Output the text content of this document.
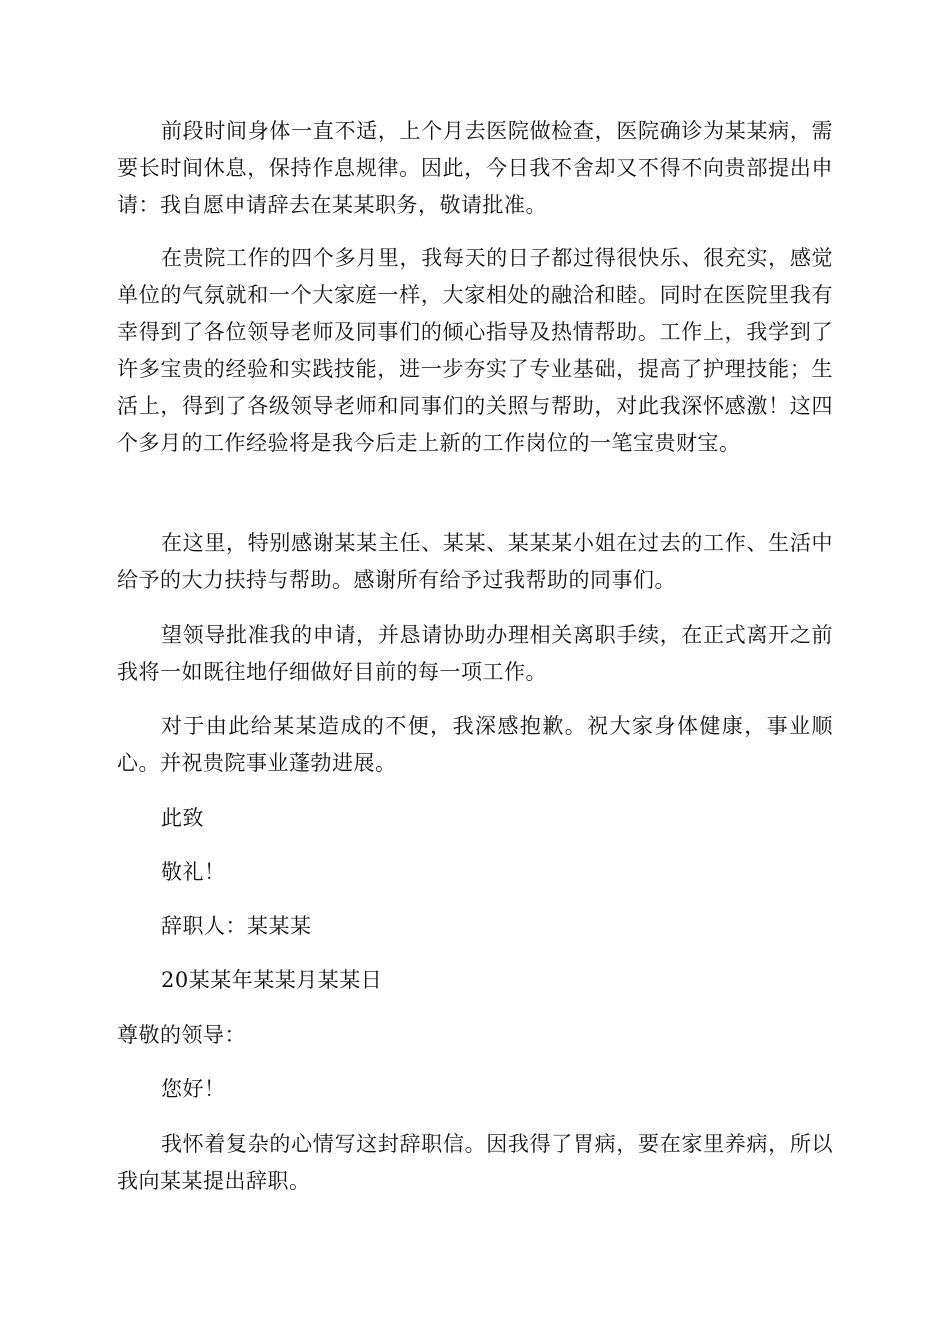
前段时间身体一直不适，上个月去医院做检查，医院确诊为某某病，需要长时间休息，保持作息规律。因此，今日我不舍却又不得不向贵部提出申请：我自愿申请辞去在某某职务，敬请批准。

在贵院工作的四个多月里，我每天的日子都过得很快乐、很充实，感觉单位的气氛就和一个大家庭一样，大家相处的融洽和睦。同时在医院里我有幸得到了各位领导老师及同事们的倾心指导及热情帮助。工作上，我学到了许多宝贵的经验和实践技能，进一步夯实了专业基础，提高了护理技能；生活上，得到了各级领导老师和同事们的关照与帮助，对此我深怀感激！这四个多月的工作经验将是我今后走上新的工作岗位的一笔宝贵财宝。

在这里，特别感谢某某主任、某某、某某某小姐在过去的工作、生活中给予的大力扶持与帮助。感谢所有给予过我帮助的同事们。

望领导批准我的申请，并恳请协助办理相关离职手续，在正式离开之前我将一如既往地仔细做好目前的每一项工作。

对于由此给某某造成的不便，我深感抱歉。祝大家身体健康，事业顺心。并祝贵院事业蓬勃进展。

此致

敬礼！

辞职人：某某某

20某某年某某月某某日

尊敬的领导：

您好！

我怀着复杂的心情写这封辞职信。因我得了胃病，要在家里养病，所以我向某某提出辞职。
